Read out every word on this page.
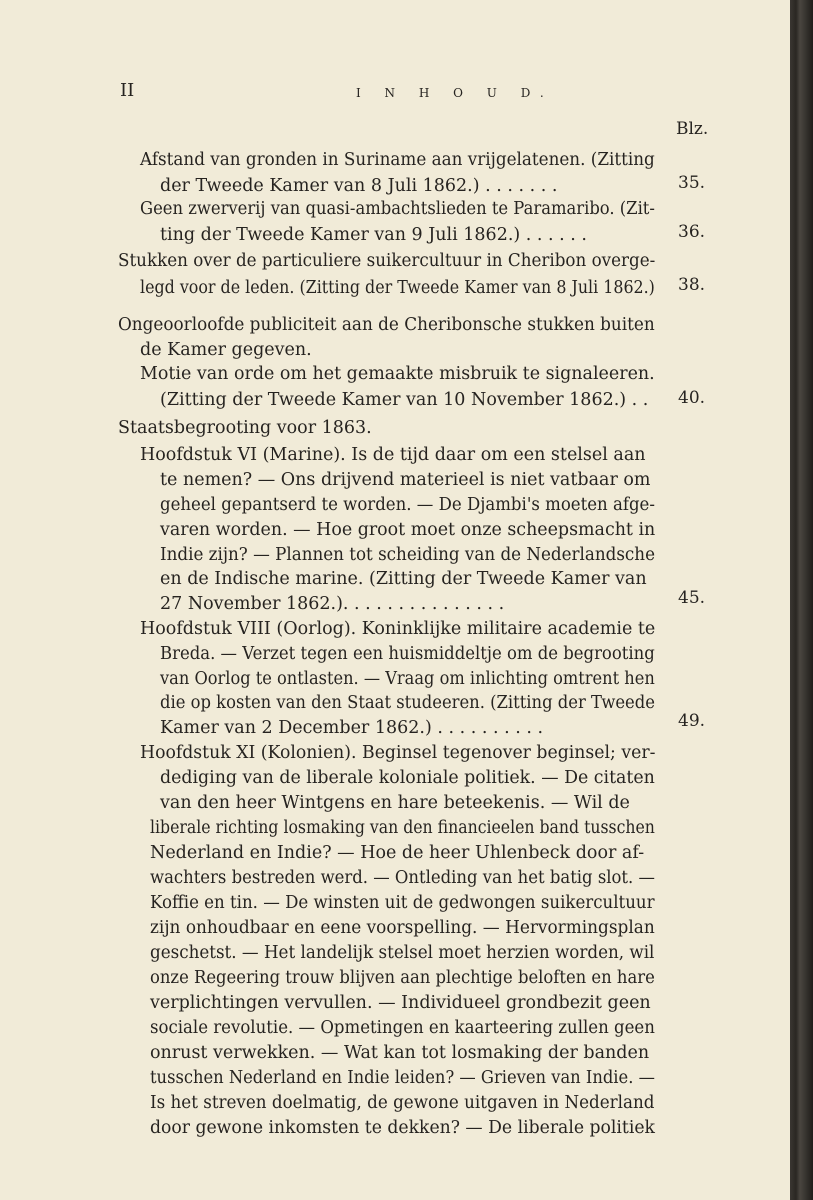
II	I N H O U D.
Blz.
Afstand van gronden in Suriname aan vrijgelatenen. (Zitting
der Tweede Kamer van 8 Juli 1862.) . . . . . . .	35.
Geen zwerverij van quasi-ambachtslieden te Paramaribo. (Zit-
ting der Tweede Kamer van 9 Juli 1862.) . . . . . .	36.
Stukken over de particuliere suikercultuur in Cheribon overge-
legd voor de leden. (Zitting der Tweede Kamer van 8 Juli 1862.) 38.
Ongeoorloofde publiciteit aan de Cheribonsche stukken buiten
de Kamer gegeven.
Motie van orde om het gemaakte misbruik te signaleeren.
(Zitting der Tweede Kamer van 10 November 1862.) . . 40.
Staatsbegrooting voor 1863.
Hoofdstuk VI (Marine). Is de tijd daar om een stelsel aan
te nemen? — Ons drijvend materieel is niet vatbaar om
geheel gepantserd te worden. — De Djambi's moeten afge-
varen worden. — Hoe groot moet onze scheepsmacht in
Indie zijn? — Plannen tot scheiding van de Nederlandsche
en de Indische marine. (Zitting der Tweede Kamer van
27 November 1862.). . . . . . . . . . . . . . .	45.
Hoofdstuk VIII (Oorlog). Koninklijke militaire academie te
Breda. — Verzet tegen een huismiddeltje om de begrooting
van Oorlog te ontlasten. — Vraag om inlichting omtrent hen
die op kosten van den Staat studeeren. (Zitting der Tweede
Kamer van 2 December 1862.) . . . . . . . . . .	49.
Hoofdstuk XI (Kolonien). Beginsel tegenover beginsel; ver-
dediging van de liberale koloniale politiek. — De citaten
van den heer Wintgens en hare beteekenis. — Wil de
liberale richting losmaking van den financieelen band tusschen
Nederland en Indie? — Hoe de heer Uhlenbeck door af-
wachters bestreden werd. — Ontleding van het batig slot. —
Koffie en tin. — De winsten uit de gedwongen suikercultuur
zijn onhoudbaar en eene voorspelling. — Hervormingsplan
geschetst. — Het landelijk stelsel moet herzien worden, wil
onze Regeering trouw blijven aan plechtige beloften en hare
verplichtingen vervullen. — Individueel grondbezit geen
sociale revolutie. — Opmetingen en kaarteering zullen geen
onrust verwekken. — Wat kan tot losmaking der banden
tusschen Nederland en Indie leiden? — Grieven van Indie. —
Is het streven doelmatig, de gewone uitgaven in Nederland
door gewone inkomsten te dekken? — De liberale politiek
